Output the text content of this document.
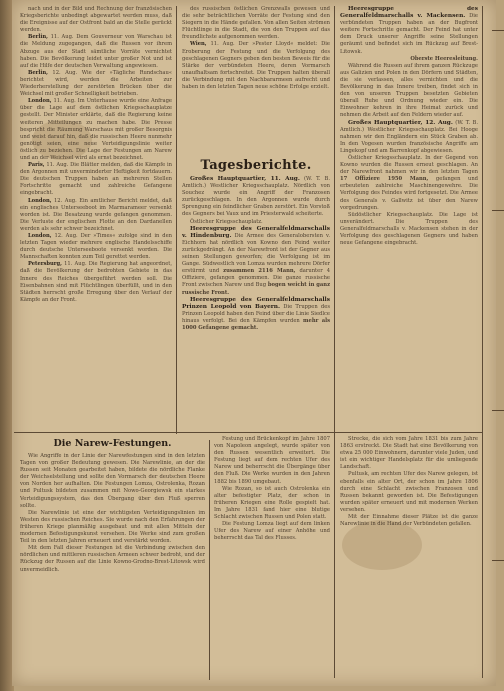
nach und in der Bild und Rechnung der französischen Kriegsberichte unbedingt abgewartet werden muss, daß die Ereignisse auf der Ostfront bald an die Stelle gerückt werden.

Berlin, 11. Aug. Dem Gouverneur von Warschau ist die Meldung zugegangen, daß die Russen vor ihrem Abzuge aus der Stadt sämtliche Vorräte vernichtet haben. Die Bevölkerung leidet unter großer Not und ist auf die Hilfe der deutschen Verwaltung angewiesen.

Berlin, 12. Aug. Wie der »Tägliche Rundschau« berichtet wird, werden die Arbeiten zur Wiederherstellung der zerstörten Brücken über die Weichsel mit großer Schnelligkeit betrieben.

London, 11. Aug. Im Unterhause wurde eine Anfrage über die Lage auf dem östlichen Kriegsschauplatze gestellt. Der Minister erklärte, daß die Regierung keine weiteren Mitteilungen zu machen habe. Die Presse bespricht die Räumung Warschaus mit großer Besorgnis und weist darauf hin, daß die russischen Heere nunmehr genötigt seien, eine neue Verteidigungslinie weiter östlich zu beziehen. Die Lage der Festungen am Narew und an der Weichsel wird als ernst bezeichnet.

Paris, 11. Aug. Die Blätter melden, daß die Kämpfe in den Argonnen mit unverminderter Heftigkeit fortdauern. Die deutschen Truppen haben an mehreren Stellen Fortschritte gemacht und zahlreiche Gefangene eingebracht.

London, 12. Aug. Ein amtlicher Bericht meldet, daß ein englisches Unterseeboot im Marmarameer versenkt worden ist. Die Besatzung wurde gefangen genommen. Die Verluste der englischen Flotte an den Dardanellen werden als sehr schwer bezeichnet.

London, 12. Aug. Der »Times« zufolge sind in den letzten Tagen wieder mehrere englische Handelsschiffe durch deutsche Unterseeboote versenkt worden. Die Mannschaften konnten zum Teil gerettet werden.

Petersburg, 11. Aug. Die Regierung hat angeordnet, daß die Bevölkerung der bedrohten Gebiete in das Innere des Reiches übergeführt werden soll. Die Eisenbahnen sind mit Flüchtlingen überfüllt, und in den Städten herrscht große Erregung über den Verlauf der Kämpfe an der Front.

des russischen östlichen Grenzwalls gewesen und die sehr beträchtlichen Vorräte der Festung sind den Siegern in die Hände gefallen. Von allen Seiten strömen Flüchtlinge in die Stadt, die von den Truppen auf das freundlichste aufgenommen werden.

Wien, 11. Aug. Der »Pester Lloyd« meldet: Die Eroberung der Festung und die Verfolgung des geschlagenen Gegners geben den besten Beweis für die Stärke der verbündeten Heere, deren Vormarsch unaufhaltsam fortschreitet. Die Truppen halten überall die Verbindung mit den Nachbararmeen aufrecht und haben in den letzten Tagen neue schöne Erfolge erzielt.

Tagesberichte.

Großes Hauptquartier, 11. Aug. (W. T. B. Amtlich.) Westlicher Kriegsschauplatz. Nördlich von Souchez wurde ein Angriff der Franzosen zurückgeschlagen. In den Argonnen wurde durch Sprengung ein feindlicher Graben zerstört. Ein Vorstoß des Gegners bei Vaux und im Priesterwald scheiterte.

Östlicher Kriegsschauplatz.

Heeresgruppe des Generalfeldmarschalls v. Hindenburg. Die Armee des Generalobersten v. Eichhorn hat nördlich von Kowno den Feind weiter zurückgedrängt. An der Narewfront ist der Gegner aus seinen Stellungen geworfen; die Verfolgung ist im Gange. Südwestlich von Lomza wurden mehrere Dörfer erstürmt und zusammen 2116 Mann, darunter 4 Offiziere, gefangen genommen. Die ganze russische Front zwischen Narew und Bug bogen weicht in ganz russische Front.

Heeresgruppe des Generalfeldmarschalls Prinzen Leopold von Bayern. Die Truppen des Prinzen Leopold haben den Feind über die Linie Siedlce hinaus verfolgt. Bei den Kämpfen wurden mehr als 1000 Gefangene gemacht.

Heeresgruppe des Generalfeldmarschalls v. Mackensen. Die verbündeten Truppen haben an der Bugfront weitere Fortschritte gemacht. Der Feind hat unter dem Druck unserer Angriffe seine Stellungen geräumt und befindet sich im Rückzug auf Brest-Litowsk.

Oberste Heeresleitung.

Während die Russen auf ihrem ganzen Rückzuge aus Galizien und Polen in den Dörfern und Städten, die sie verlassen, alles vernichten und die Bevölkerung in das Innere treiben, findet sich in den von unseren Truppen besetzten Gebieten überall Ruhe und Ordnung wieder ein. Die Einwohner kehren in ihre Heimat zurück und nehmen die Arbeit auf den Feldern wieder auf.

Großes Hauptquartier, 12. Aug. (W. T. B. Amtlich.) Westlicher Kriegsschauplatz. Bei Hooge nahmen wir den Engländern ein Stück Graben ab. In den Vogesen wurden französische Angriffe am Lingekopf und am Barrenkopf abgewiesen.

Östlicher Kriegsschauplatz. In der Gegend von Kowno wurden die Russen erneut geschlagen. An der Narewfront nahmen wir in den letzten Tagen 17 Offiziere 1950 Mann, gefangen und erbeuteten zahlreiche Maschinengewehre. Die Verfolgung des Feindes wird fortgesetzt. Die Armee des Generals v. Gallwitz ist über den Narew vorgedrungen.

Südöstlicher Kriegsschauplatz. Die Lage ist unverändert. Die Truppen des Generalfeldmarschalls v. Mackensen stehen in der Verfolgung des geschlagenen Gegners und haben neue Gefangene eingebracht.

Die Narew-Festungen.

Wie Angriffe in der Linie der Narewfestungen sind in den letzten Tagen von großer Bedeutung gewesen. Die Narewlinie, an der die Russen seit Monaten gearbeitet haben, bildete die nördliche Flanke der Weichselstellung und sollte den Vormarsch der deutschen Heere von Norden her aufhalten. Die Festungen Lomza, Ostrolenka, Rozan und Pultusk bildeten zusammen mit Nowo-Georgiewsk ein starkes Verteidigungssystem, das den Übergang über den Fluß sperren sollte.

Die Narewlinie ist eine der wichtigsten Verteidigungslinien im Westen des russischen Reiches. Sie wurde nach den Erfahrungen der früheren Kriege planmäßig ausgebaut und mit allen Mitteln der modernen Befestigungskunst versehen. Die Werke sind zum großen Teil in den letzten Jahren erneuert und verstärkt worden.

Mit dem Fall dieser Festungen ist die Verbindung zwischen den nördlichen und mittleren russischen Armeen schwer bedroht, und der Rückzug der Russen auf die Linie Kowno-Grodno-Brest-Litowsk wird unvermeidlich.

Festung und Brückenkopf im Jahre 1807 von Napoleon angelegt, wurde später von den Russen wesentlich erweitert. Die Festung liegt auf dem rechten Ufer des Narew und beherrscht die Übergänge über den Fluß. Die Werke wurden in den Jahren 1882 bis 1890 umgebaut.

Wie Rozan, so ist auch Ostrolenka ein alter befestigter Platz, der schon in früheren Kriegen eine Rolle gespielt hat. Im Jahre 1831 fand hier eine blutige Schlacht zwischen Russen und Polen statt.

Die Festung Lomza liegt auf dem linken Ufer des Narew auf einer Anhöhe und beherrscht das Tal des Flusses.

Strecke, die sich vom Jahre 1831 bis zum Jahre 1863 erstreckt. Die Stadt hat eine Bevölkerung von etwa 25 000 Einwohnern, darunter viele Juden, und ist ein wichtiger Handelsplatz für die umliegende Landschaft.

Pultusk, am rechten Ufer des Narew gelegen, ist ebenfalls ein alter Ort, der schon im Jahre 1806 durch eine Schlacht zwischen Franzosen und Russen bekannt geworden ist. Die Befestigungen wurden später erneuert und mit modernen Werken versehen.

Mit der Einnahme dieser Plätze ist die ganze Narewlinie in die Hand der Verbündeten gefallen.
